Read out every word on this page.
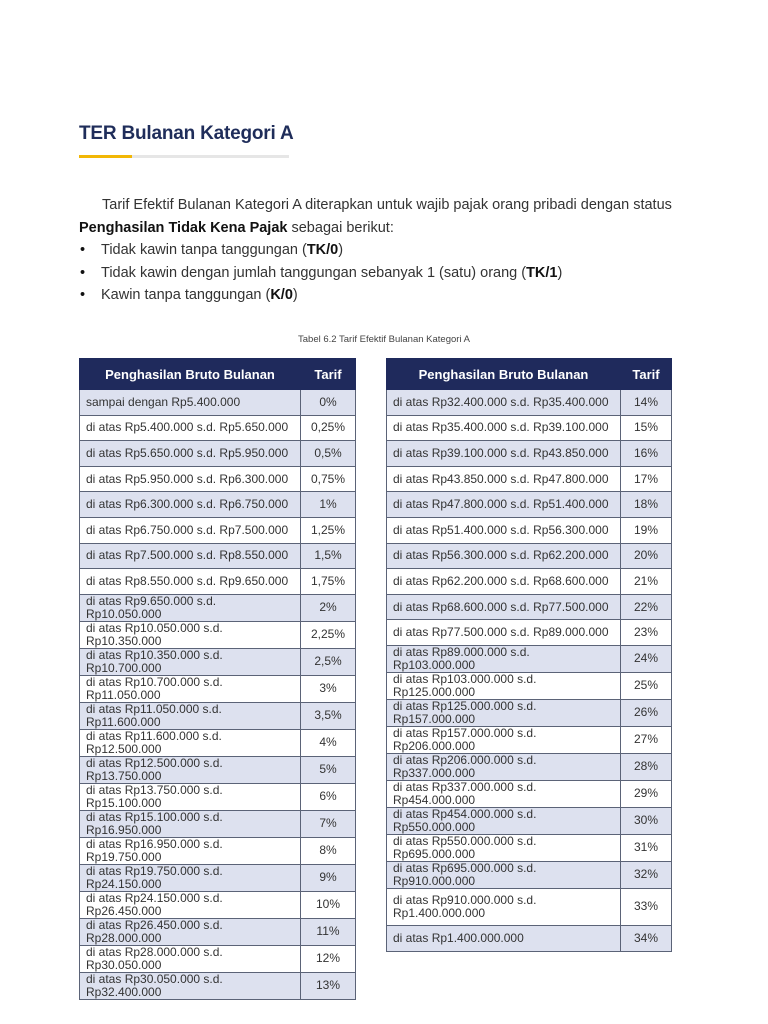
TER Bulanan Kategori A

Tarif Efektif Bulanan Kategori A diterapkan untuk wajib pajak orang pribadi dengan status Penghasilan Tidak Kena Pajak sebagai berikut:

• Tidak kawin tanpa tanggungan (TK/0)
• Tidak kawin dengan jumlah tanggungan sebanyak 1 (satu) orang (TK/1)
• Kawin tanpa tanggungan (K/0)
Tabel 6.2 Tarif Efektif Bulanan Kategori A
Penghasilan Bruto Bulanan	Tarif
sampai dengan Rp5.400.000	0%
di atas Rp5.400.000 s.d. Rp5.650.000	0,25%
di atas Rp5.650.000 s.d. Rp5.950.000	0,5%
di atas Rp5.950.000 s.d. Rp6.300.000	0,75%
di atas Rp6.300.000 s.d. Rp6.750.000	1%
di atas Rp6.750.000 s.d. Rp7.500.000	1,25%
di atas Rp7.500.000 s.d. Rp8.550.000	1,5%
di atas Rp8.550.000 s.d. Rp9.650.000	1,75%
di atas Rp9.650.000 s.d. Rp10.050.000	2%
di atas Rp10.050.000 s.d. Rp10.350.000	2,25%
di atas Rp10.350.000 s.d. Rp10.700.000	2,5%
di atas Rp10.700.000 s.d. Rp11.050.000	3%
di atas Rp11.050.000 s.d. Rp11.600.000	3,5%
di atas Rp11.600.000 s.d. Rp12.500.000	4%
di atas Rp12.500.000 s.d. Rp13.750.000	5%
di atas Rp13.750.000 s.d. Rp15.100.000	6%
di atas Rp15.100.000 s.d. Rp16.950.000	7%
di atas Rp16.950.000 s.d. Rp19.750.000	8%
di atas Rp19.750.000 s.d. Rp24.150.000	9%
di atas Rp24.150.000 s.d. Rp26.450.000	10%
di atas Rp26.450.000 s.d. Rp28.000.000	11%
di atas Rp28.000.000 s.d. Rp30.050.000	12%
di atas Rp30.050.000 s.d. Rp32.400.000	13%
Penghasilan Bruto Bulanan	Tarif
di atas Rp32.400.000 s.d. Rp35.400.000	14%
di atas Rp35.400.000 s.d. Rp39.100.000	15%
di atas Rp39.100.000 s.d. Rp43.850.000	16%
di atas Rp43.850.000 s.d. Rp47.800.000	17%
di atas Rp47.800.000 s.d. Rp51.400.000	18%
di atas Rp51.400.000 s.d. Rp56.300.000	19%
di atas Rp56.300.000 s.d. Rp62.200.000	20%
di atas Rp62.200.000 s.d. Rp68.600.000	21%
di atas Rp68.600.000 s.d. Rp77.500.000	22%
di atas Rp77.500.000 s.d. Rp89.000.000	23%
di atas Rp89.000.000 s.d. Rp103.000.000	24%
di atas Rp103.000.000 s.d. Rp125.000.000	25%
di atas Rp125.000.000 s.d. Rp157.000.000	26%
di atas Rp157.000.000 s.d. Rp206.000.000	27%
di atas Rp206.000.000 s.d. Rp337.000.000	28%
di atas Rp337.000.000 s.d. Rp454.000.000	29%
di atas Rp454.000.000 s.d. Rp550.000.000	30%
di atas Rp550.000.000 s.d. Rp695.000.000	31%
di atas Rp695.000.000 s.d. Rp910.000.000	32%
di atas Rp910.000.000 s.d. Rp1.400.000.000	33%
di atas Rp1.400.000.000	34%
